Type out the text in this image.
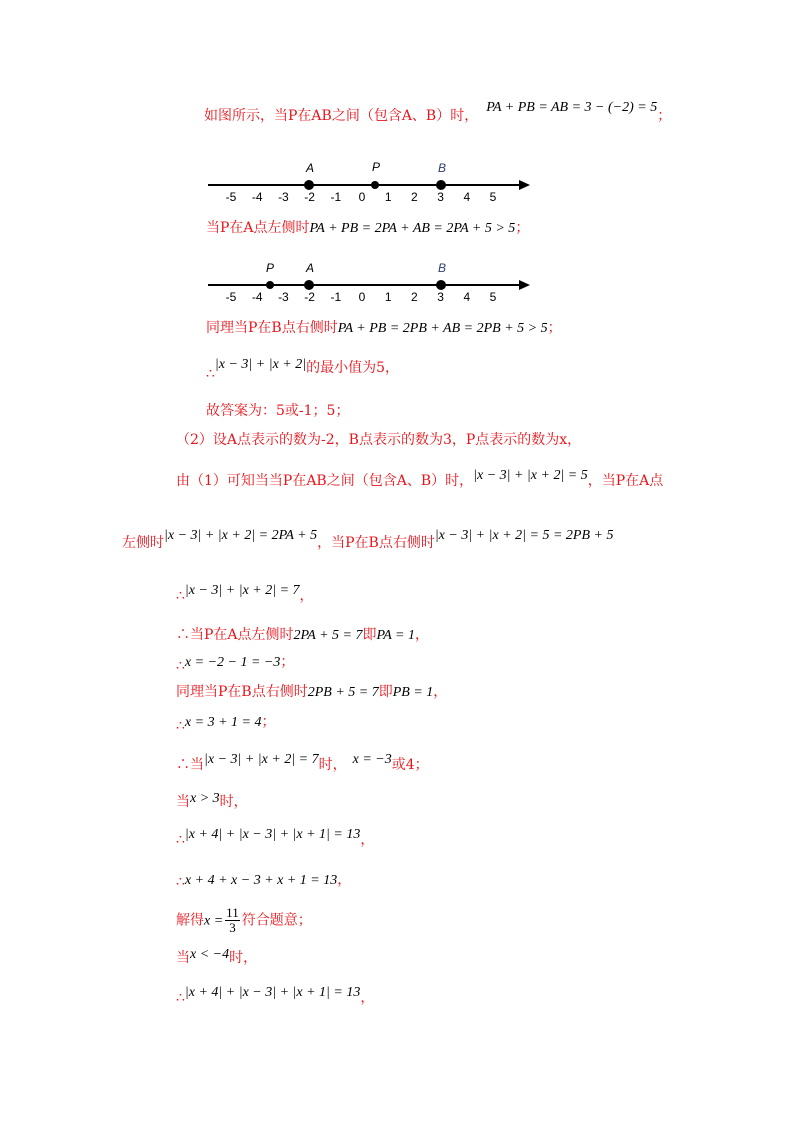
如图所示，当P在AB之间（包含A、B）时，PA + PB = AB = 3 − (−2) = 5；
-5 -4 -3 -2 -1 0 1 2 3 4 5
A	P	B
当P在A点左侧时PA + PB = 2PA + AB = 2PA + 5 > 5；
-5 -4 -3 -2 -1 0 1 2 3 4 5
P	A	B
同理当P在B点右侧时PA + PB = 2PB + AB = 2PB + 5 > 5；
∴|x − 3| + |x + 2|的最小值为5，
故答案为：5或-1；5；
（2）设A点表示的数为-2，B点表示的数为3，P点表示的数为x，
由（1）可知当当P在AB之间（包含A、B）时，|x − 3| + |x + 2| = 5，当P在A点
左侧时|x − 3| + |x + 2| = 2PA + 5，当P在B点右侧时|x − 3| + |x + 2| = 5 = 2PB + 5
∴|x − 3| + |x + 2| = 7，
∴当P在A点左侧时2PA + 5 = 7即PA = 1，
∴x = −2 − 1 = −3；
同理当P在B点右侧时2PB + 5 = 7即PB = 1，
∴x = 3 + 1 = 4；
∴当|x − 3| + |x + 2| = 7时， x = −3或4；
当x > 3时，
∴|x + 4| + |x − 3| + |x + 1| = 13，
∴x + 4 + x − 3 + x + 1 = 13，
解得$x = \frac{11}{3}$ 符合题意；
当x < −4时，
∴|x + 4| + |x − 3| + |x + 1| = 13，
